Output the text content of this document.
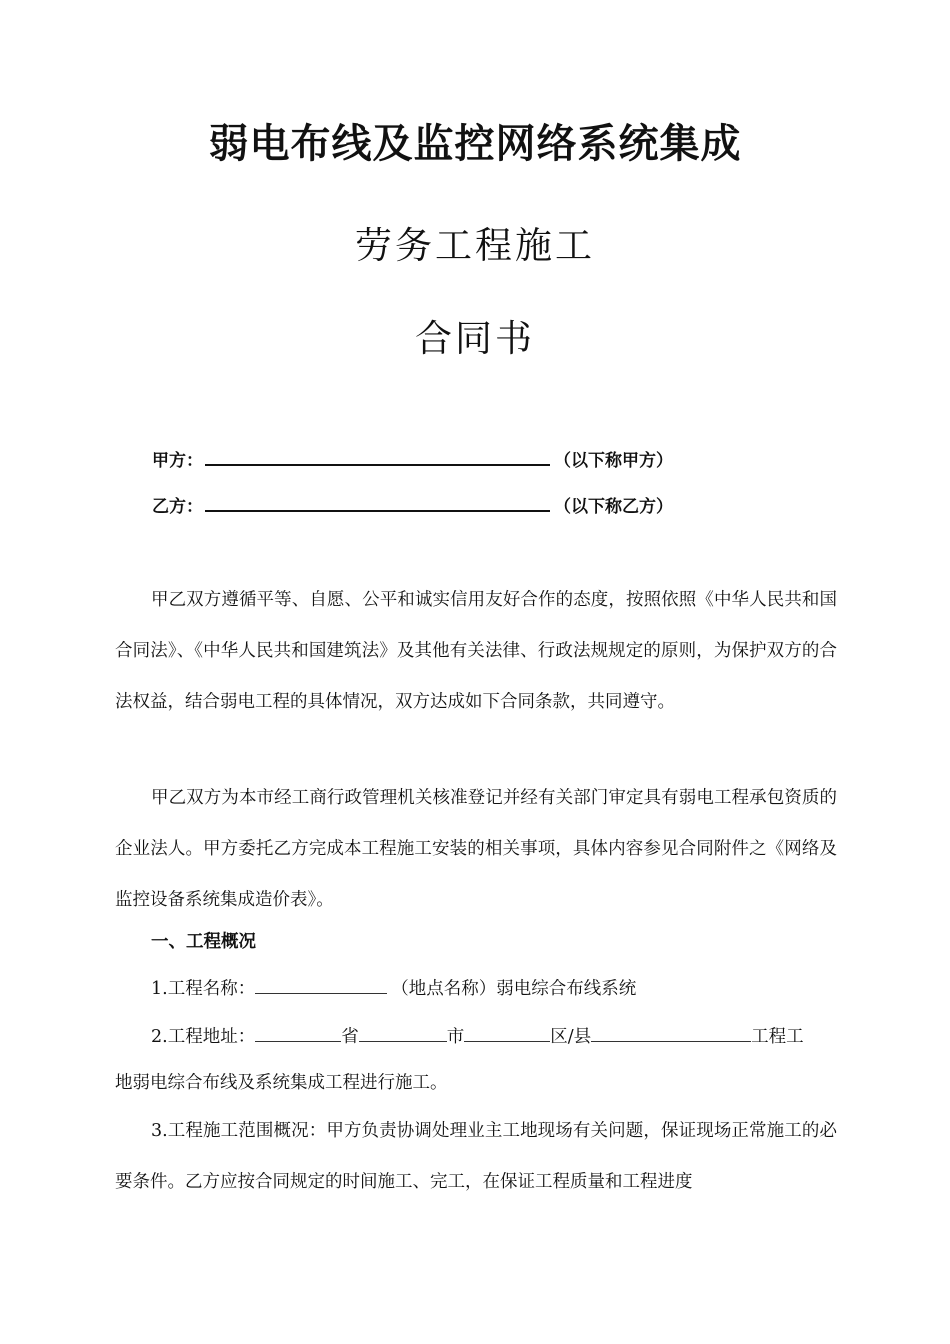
弱电布线及监控网络系统集成
劳务工程施工
合同书
甲方：	（以下称甲方）
乙方：	（以下称乙方）

甲乙双方遵循平等、自愿、公平和诚实信用友好合作的态度，按照依照《中华人民共和国合同法》、《中华人民共和国建筑法》及其他有关法律、行政法规规定的原则，为保护双方的合法权益，结合弱电工程的具体情况，双方达成如下合同条款，共同遵守。

甲乙双方为本市经工商行政管理机关核准登记并经有关部门审定具有弱电工程承包资质的企业法人。甲方委托乙方完成本工程施工安装的相关事项，具体内容参见合同附件之《网络及监控设备系统集成造价表》。

一、工程概况
1.工程名称：	（地点名称）弱电综合布线系统
2.工程地址：	省	市	区/县	工程工
地弱电综合布线及系统集成工程进行施工。

3.工程施工范围概况：甲方负责协调处理业主工地现场有关问题，保证现场正常施工的必要条件。乙方应按合同规定的时间施工、完工，在保证工程质量和工程进度
